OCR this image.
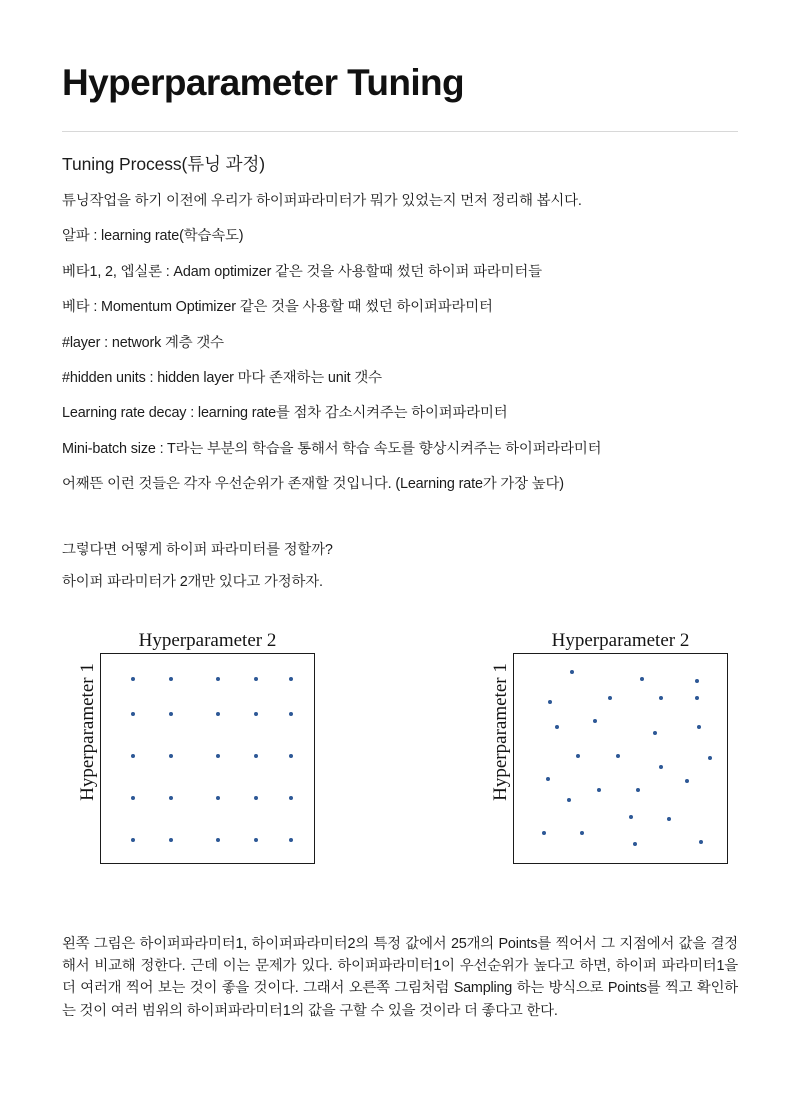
Hyperparameter Tuning
Tuning Process(튜닝 과정)

튜닝작업을 하기 이전에 우리가 하이퍼파라미터가 뭐가 있었는지 먼저 정리해 봅시다.

알파 : learning rate(학습속도)

베타1, 2, 엡실론 : Adam optimizer 같은 것을 사용할때 썼던 하이퍼 파라미터들

베타 : Momentum Optimizer 같은 것을 사용할 때 썼던 하이퍼파라미터

#layer : network 계층 갯수

#hidden units : hidden layer 마다 존재하는 unit 갯수

Learning rate decay : learning rate를 점차 감소시켜주는 하이퍼파라미터

Mini-batch size : T라는 부분의 학습을 통해서 학습 속도를 향상시켜주는 하이퍼라라미터

어째뜬 이런 것들은 각자 우선순위가 존재할 것입니다. (Learning rate가 가장 높다)

그렇다면 어떻게 하이퍼 파라미터를 정할까?

하이퍼 파라미터가 2개만 있다고 가정하자.

Hyperparameter 2
Hyperparameter 1
Hyperparameter 2
Hyperparameter 1

왼쪽 그림은 하이퍼파라미터1, 하이퍼파라미터2의 특정 값에서 25개의 Points를 찍어서 그 지점에서 값을 결정해서 비교해 정한다. 근데 이는 문제가 있다. 하이퍼파라미터1이 우선순위가 높다고 하면, 하이퍼 파라미터1을 더 여러개 찍어 보는 것이 좋을 것이다. 그래서 오른쪽 그림처럼 Sampling 하는 방식으로 Points를 찍고 확인하는 것이 여러 범위의 하이퍼파라미터1의 값을 구할 수 있을 것이라 더 좋다고 한다.
